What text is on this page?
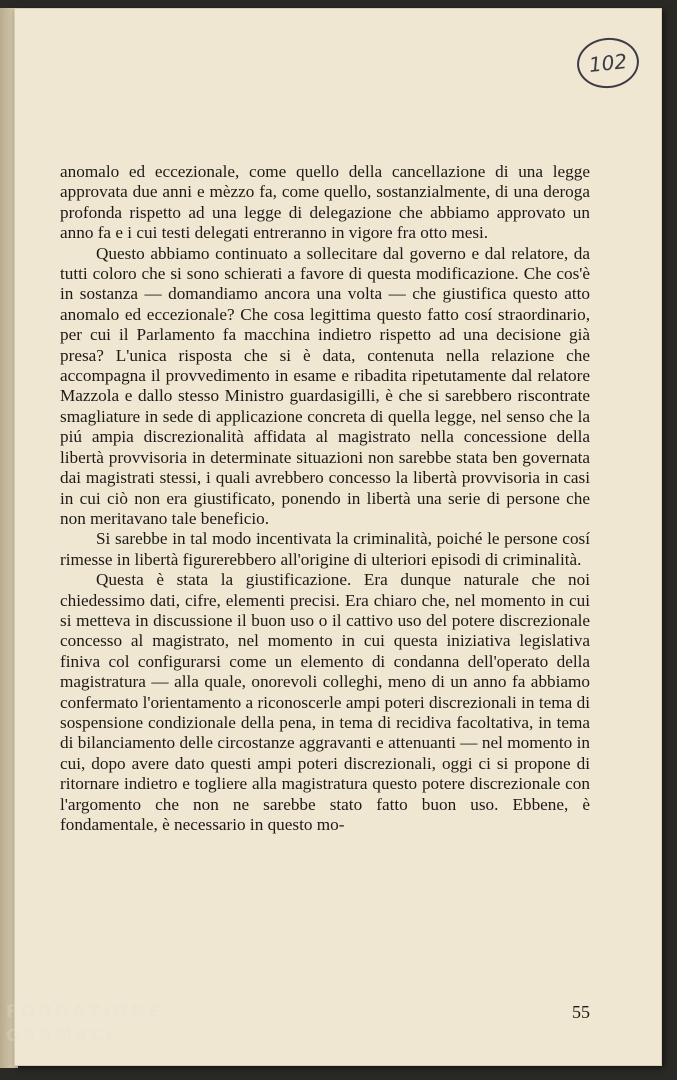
102

anomalo ed eccezionale, come quello della cancellazione di una legge approvata due anni e mèzzo fa, come quello, sostanzialmente, di una deroga profonda rispetto ad una legge di delegazione che abbiamo approvato un anno fa e i cui testi delegati entreranno in vigore fra otto mesi.

Questo abbiamo continuato a sollecitare dal governo e dal relatore, da tutti coloro che si sono schierati a favore di questa modificazione. Che cos'è in sostanza — domandiamo ancora una volta — che giustifica questo atto anomalo ed eccezionale? Che cosa legittima questo fatto cosí straordinario, per cui il Parlamento fa macchina indietro rispetto ad una decisione già presa? L'unica risposta che si è data, contenuta nella relazione che accompagna il provvedimento in esame e ribadita ripetutamente dal relatore Mazzola e dallo stesso Ministro guardasigilli, è che si sarebbero riscontrate smagliature in sede di applicazione concreta di quella legge, nel senso che la piú ampia discrezionalità affidata al magistrato nella concessione della libertà provvisoria in determinate situazioni non sarebbe stata ben governata dai magistrati stessi, i quali avrebbero concesso la libertà provvisoria in casi in cui ciò non era giustificato, ponendo in libertà una serie di persone che non meritavano tale beneficio.

Si sarebbe in tal modo incentivata la criminalità, poiché le persone cosí rimesse in libertà figurerebbero all'origine di ulteriori episodi di criminalità.

Questa è stata la giustificazione. Era dunque naturale che noi chiedessimo dati, cifre, elementi precisi. Era chiaro che, nel momento in cui si metteva in discussione il buon uso o il cattivo uso del potere discrezionale concesso al magistrato, nel momento in cui questa iniziativa legislativa finiva col configurarsi come un elemento di condanna dell'operato della magistratura — alla quale, onorevoli colleghi, meno di un anno fa abbiamo confermato l'orientamento a riconoscerle ampi poteri discrezionali in tema di sospensione condizionale della pena, in tema di recidiva facoltativa, in tema di bilanciamento delle circostanze aggravanti e attenuanti — nel momento in cui, dopo avere dato questi ampi poteri discrezionali, oggi ci si propone di ritornare indietro e togliere alla magistratura questo potere discrezionale con l'argomento che non ne sarebbe stato fatto buon uso. Ebbene, è fondamentale, è necessario in questo mo-

55
FONDAZIONE
GRAMSCI
